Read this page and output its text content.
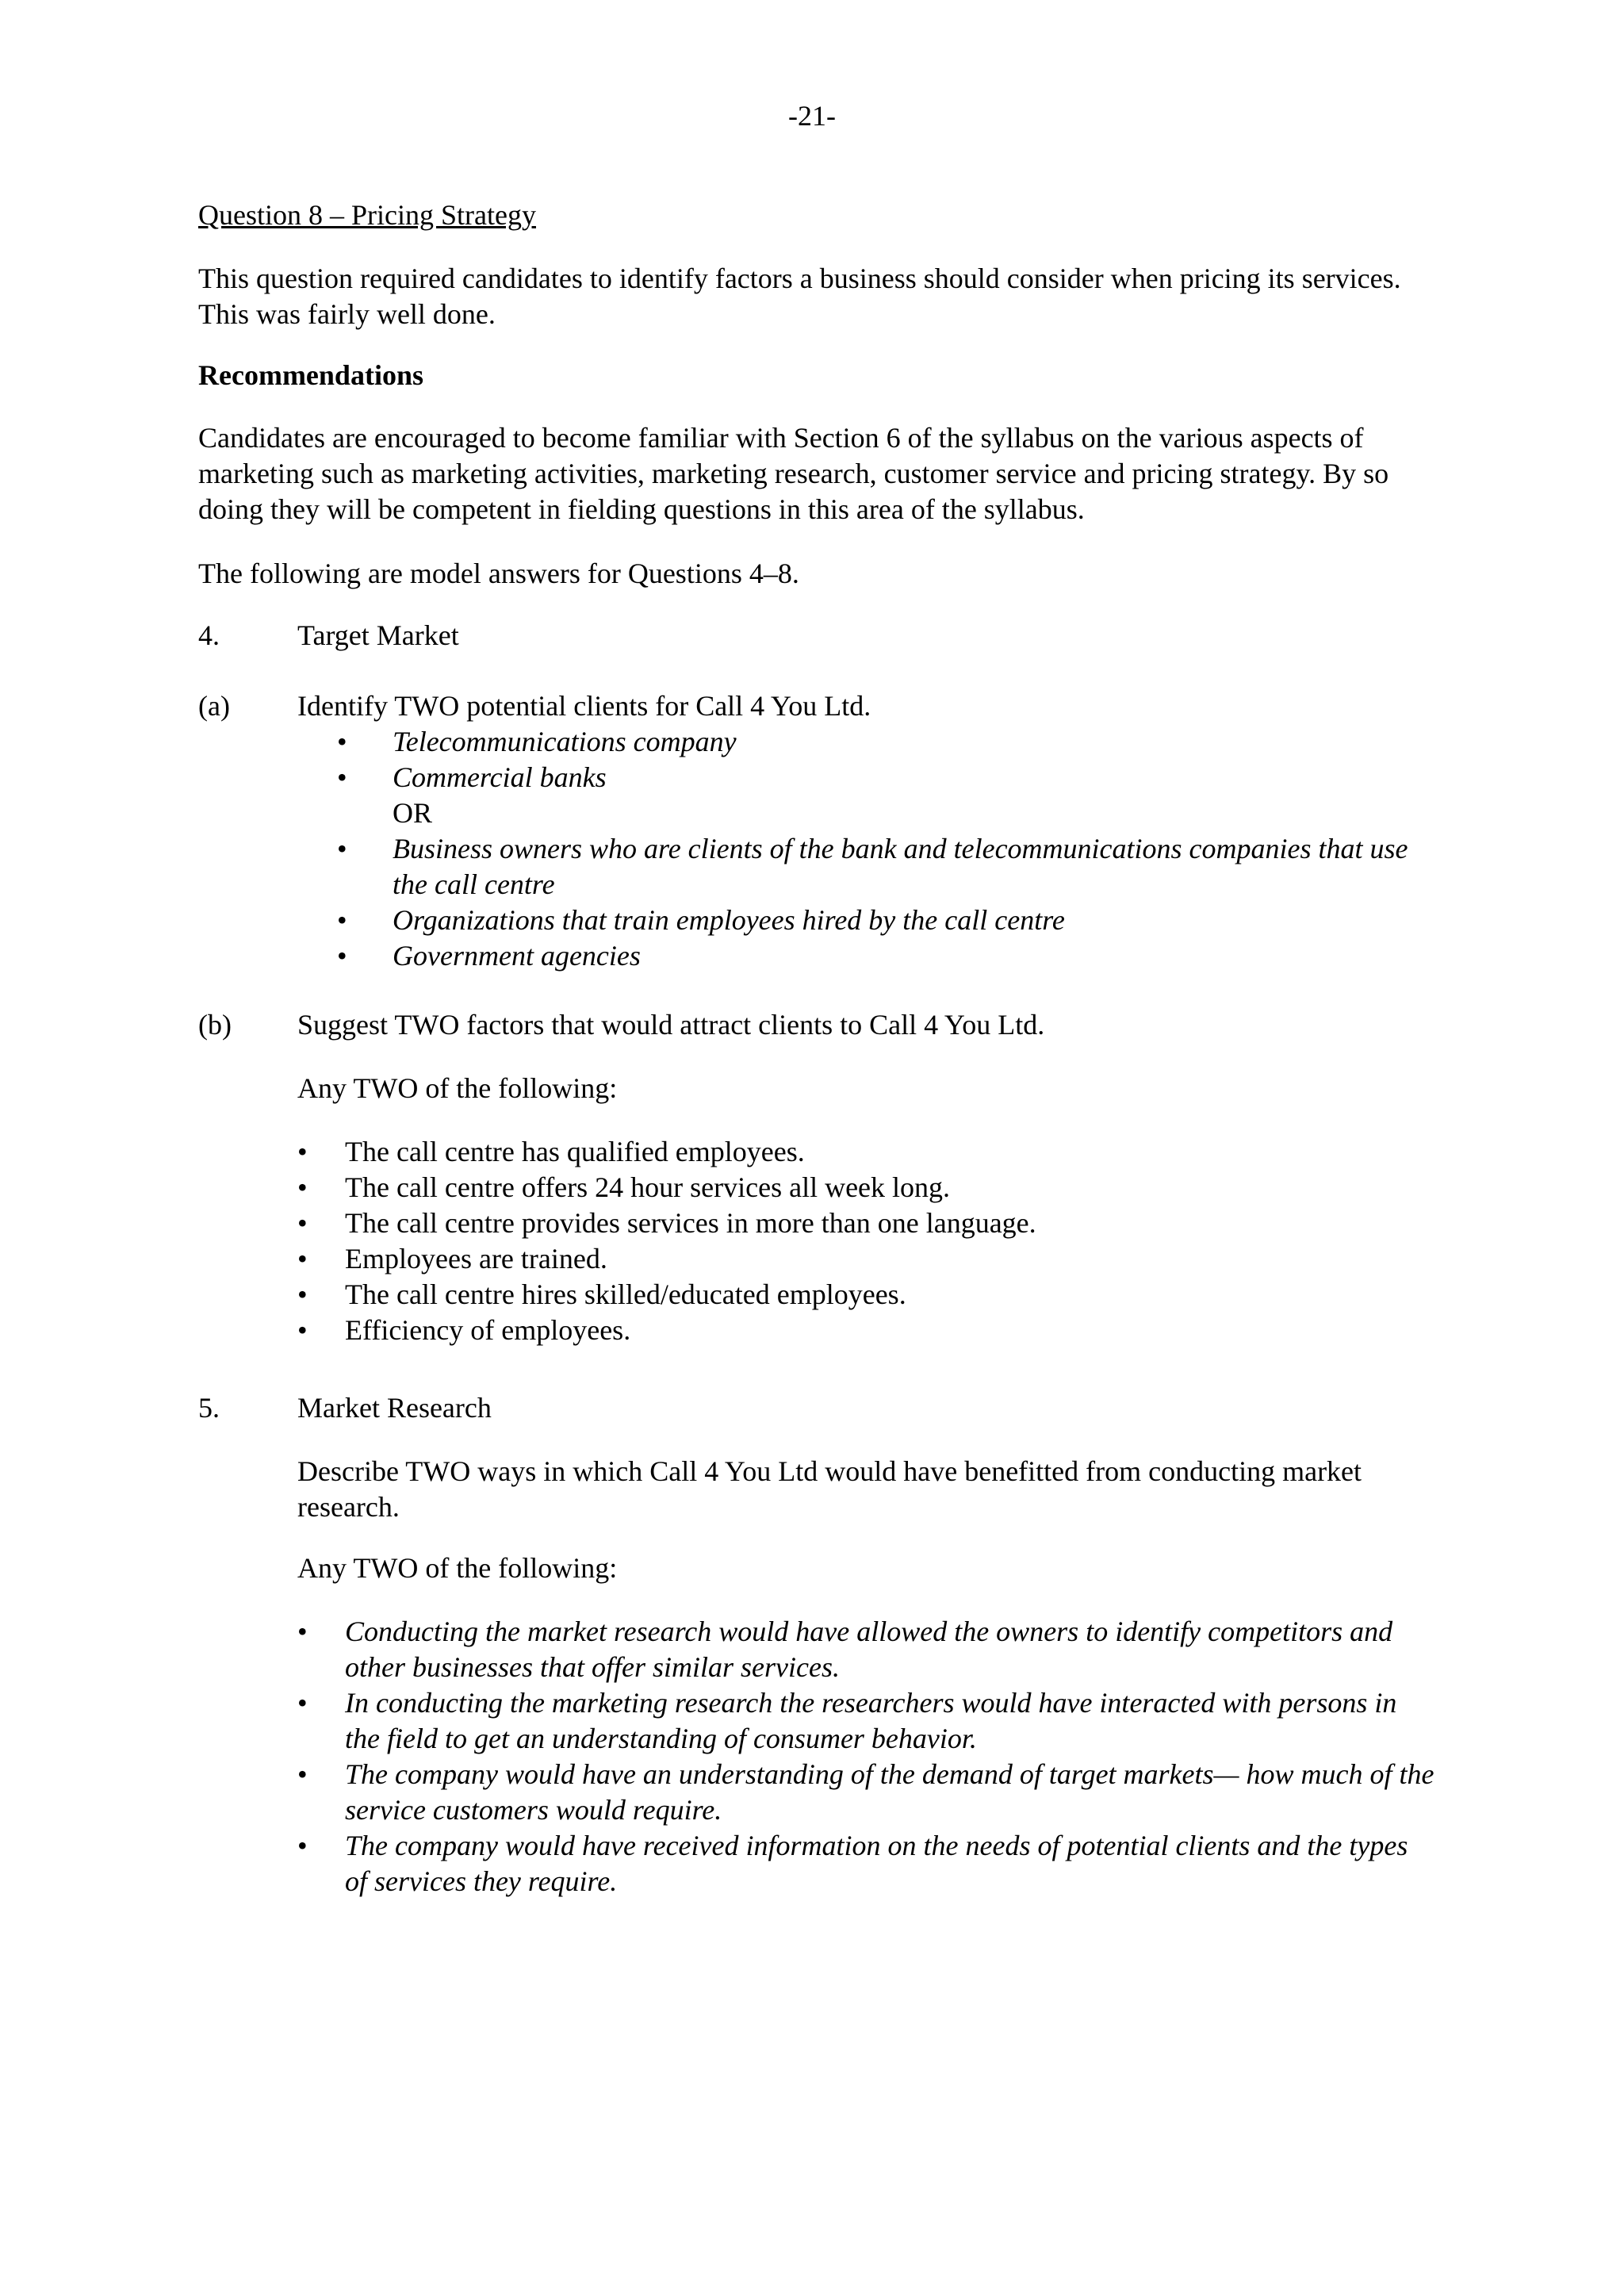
-21-

Question 8 – Pricing Strategy

This question required candidates to identify factors a business should consider when pricing its services. This was fairly well done.

Recommendations

Candidates are encouraged to become familiar with Section 6 of the syllabus on the various aspects of marketing such as marketing activities, marketing research, customer service and pricing strategy. By so doing they will be competent in fielding questions in this area of the syllabus.

The following are model answers for Questions 4–8.

4.	Target Market
(a) Identify TWO potential clients for Call 4 You Ltd.
• Telecommunications company
• Commercial banks

OR

• Business owners who are clients of the bank and telecommunications companies that use the call centre
• Organizations that train employees hired by the call centre
• Government agencies
(b) Suggest TWO factors that would attract clients to Call 4 You Ltd.

Any TWO of the following:

• The call centre has qualified employees.
• The call centre offers 24 hour services all week long.
• The call centre provides services in more than one language.
• Employees are trained.
• The call centre hires skilled/educated employees.
• Efficiency of employees.
5.	Market Research

Describe TWO ways in which Call 4 You Ltd would have benefitted from conducting market research.

Any TWO of the following:

• Conducting the market research would have allowed the owners to identify competitors and other businesses that offer similar services.
• In conducting the marketing research the researchers would have interacted with persons in the field to get an understanding of consumer behavior.
• The company would have an understanding of the demand of target markets— how much of the service customers would require.
• The company would have received information on the needs of potential clients and the types of services they require.
